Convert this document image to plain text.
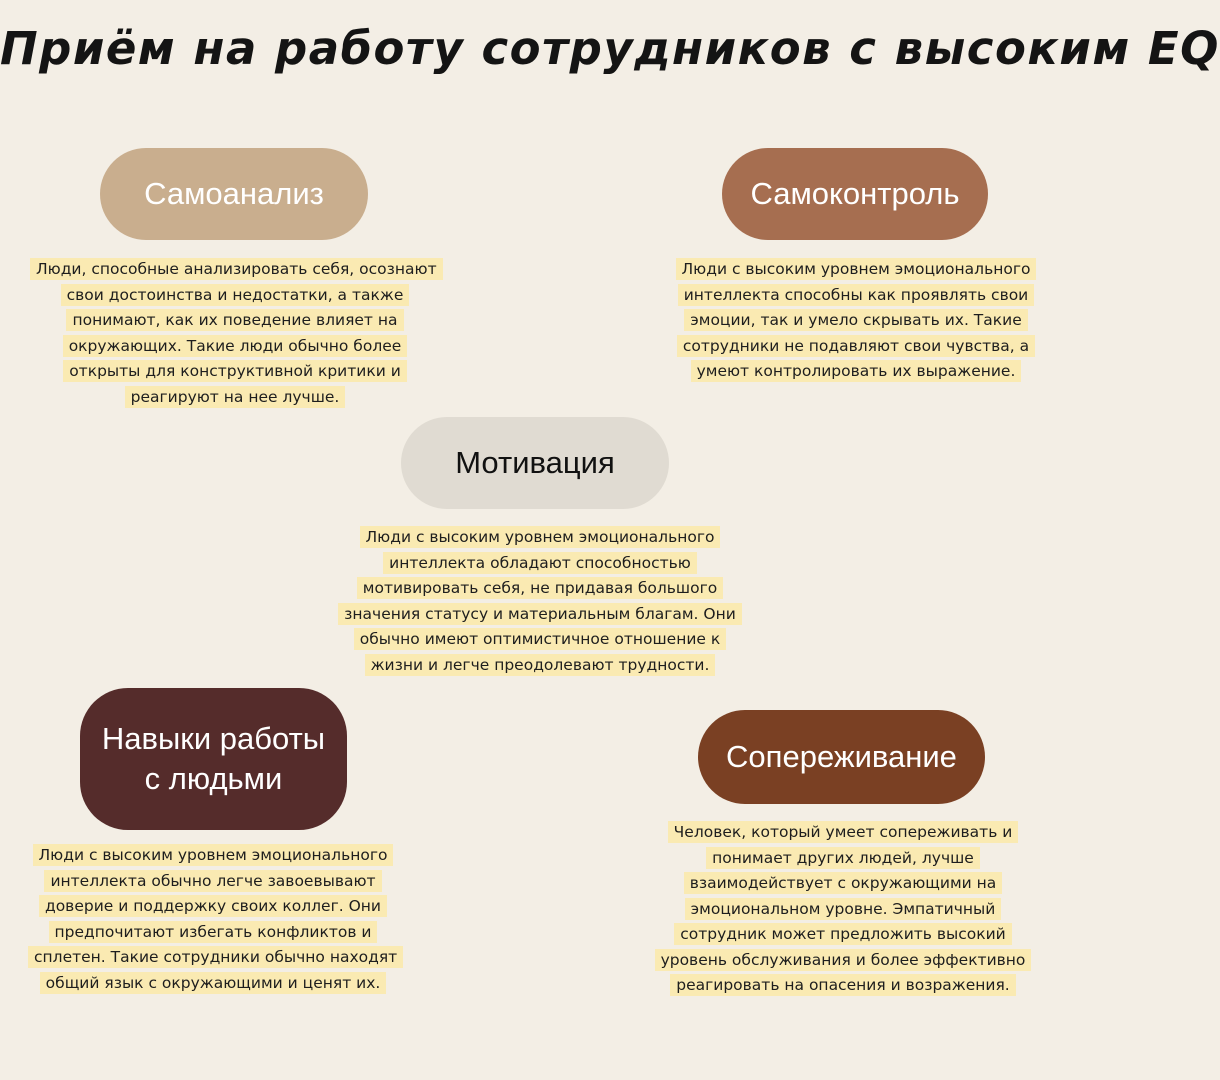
Приём на работу сотрудников с высоким EQ
Самоанализ
Люди, способные анализировать себя, осознают свои достоинства и недостатки, а также понимают, как их поведение влияет на окружающих. Такие люди обычно более открыты для конструктивной критики и реагируют на нее лучше.
Самоконтроль
Люди с высоким уровнем эмоционального интеллекта способны как проявлять свои эмоции, так и умело скрывать их. Такие сотрудники не подавляют свои чувства, а умеют контролировать их выражение.
Мотивация
Люди с высоким уровнем эмоционального интеллекта обладают способностью мотивировать себя, не придавая большого значения статусу и материальным благам. Они обычно имеют оптимистичное отношение к жизни и легче преодолевают трудности.
Навыки работы
с людьми
Люди с высоким уровнем эмоционального интеллекта обычно легче завоевывают доверие и поддержку своих коллег. Они предпочитают избегать конфликтов и сплетен. Такие сотрудники обычно находят общий язык с окружающими и ценят их.
Сопереживание
Человек, который умеет сопереживать и понимает других людей, лучше взаимодействует с окружающими на эмоциональном уровне. Эмпатичный сотрудник может предложить высокий уровень обслуживания и более эффективно реагировать на опасения и возражения.
